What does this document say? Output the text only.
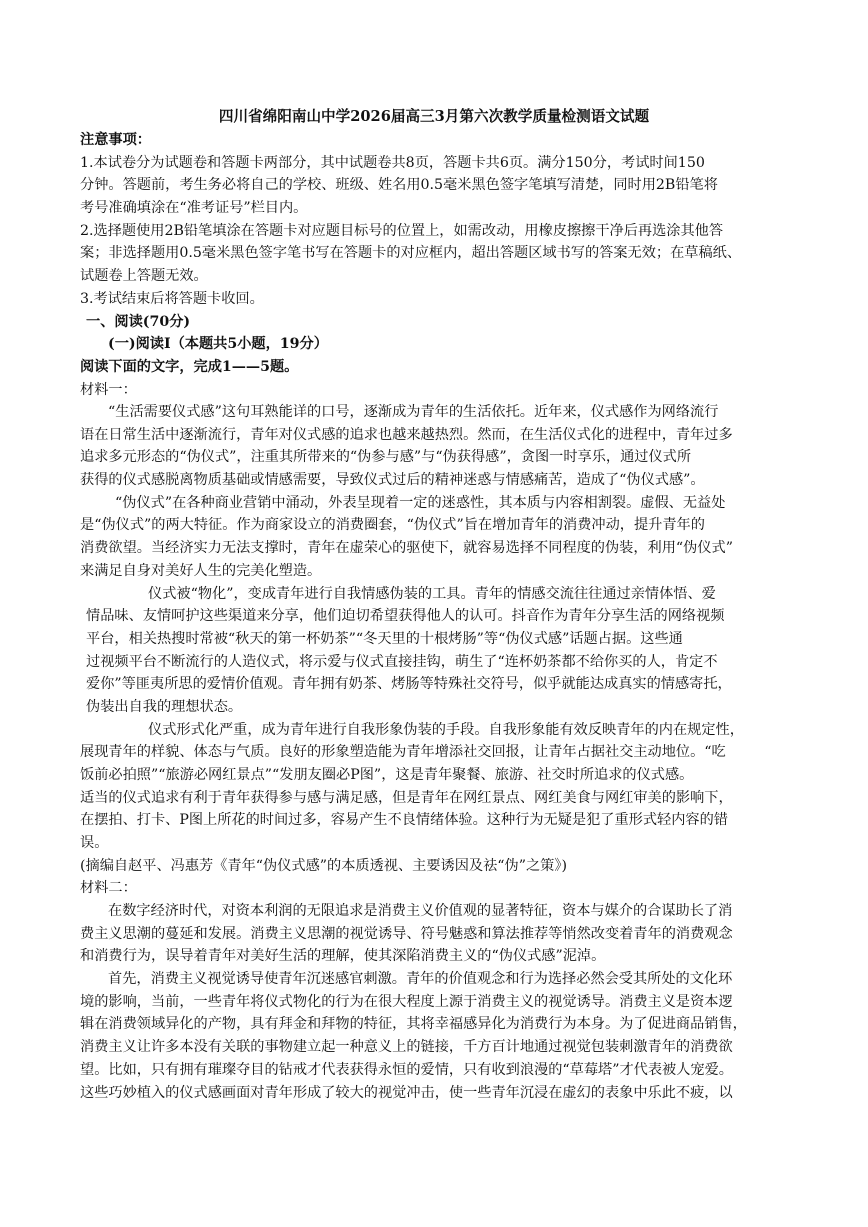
四川省绵阳南山中学2026届高三3月第六次教学质量检测语文试题
注意事项：
1.本试卷分为试题卷和答题卡两部分，其中试题卷共8页，答题卡共6页。满分150分，考试时间150
分钟。答题前，考生务必将自己的学校、班级、姓名用0.5毫米黑色签字笔填写清楚，同时用2B铅笔将
考号准确填涂在“准考证号”栏目内。
2.选择题使用2B铅笔填涂在答题卡对应题目标号的位置上，如需改动，用橡皮擦擦干净后再选涂其他答
案；非选择题用0.5毫米黑色签字笔书写在答题卡的对应框内，超出答题区域书写的答案无效；在草稿纸、
试题卷上答题无效。
3.考试结束后将答题卡收回。
一、阅读(70分)
(一)阅读Ⅰ（本题共5小题，19分）
阅读下面的文字，完成1——5题。
材料一：
“生活需要仪式感”这句耳熟能详的口号，逐渐成为青年的生活依托。近年来，仪式感作为网络流行
语在日常生活中逐渐流行，青年对仪式感的追求也越来越热烈。然而，在生活仪式化的进程中，青年过多
追求多元形态的“伪仪式”，注重其所带来的“伪参与感”与“伪获得感”，贪图一时享乐，通过仪式所
获得的仪式感脱离物质基础或情感需要，导致仪式过后的精神迷惑与情感痛苦，造成了“伪仪式感”。
“伪仪式”在各种商业营销中涌动，外表呈现着一定的迷惑性，其本质与内容相割裂。虚假、无益处
是“伪仪式”的两大特征。作为商家设立的消费圈套，“伪仪式”旨在增加青年的消费冲动，提升青年的
消费欲望。当经济实力无法支撑时，青年在虚荣心的驱使下，就容易选择不同程度的伪装，利用“伪仪式”
来满足自身对美好人生的完美化塑造。
仪式被“物化”，变成青年进行自我情感伪装的工具。青年的情感交流往往通过亲情体悟、爱
情品味、友情呵护这些渠道来分享，他们迫切希望获得他人的认可。抖音作为青年分享生活的网络视频
平台，相关热搜时常被“秋天的第一杯奶茶”“冬天里的十根烤肠”等“伪仪式感”话题占据。这些通
过视频平台不断流行的人造仪式，将示爱与仪式直接挂钩，萌生了“连杯奶茶都不给你买的人，肯定不
爱你”等匪夷所思的爱情价值观。青年拥有奶茶、烤肠等特殊社交符号，似乎就能达成真实的情感寄托，
伪装出自我的理想状态。
仪式形式化严重，成为青年进行自我形象伪装的手段。自我形象能有效反映青年的内在规定性，
展现青年的样貌、体态与气质。良好的形象塑造能为青年增添社交回报，让青年占据社交主动地位。“吃
饭前必拍照”“旅游必网红景点”“发朋友圈必P图”，这是青年聚餐、旅游、社交时所追求的仪式感。
适当的仪式追求有利于青年获得参与感与满足感，但是青年在网红景点、网红美食与网红审美的影响下，
在摆拍、打卡、P图上所花的时间过多，容易产生不良情绪体验。这种行为无疑是犯了重形式轻内容的错
误。
(摘编自赵平、冯惠芳《青年“伪仪式感”的本质透视、主要诱因及祛“伪”之策》)
材料二：
在数字经济时代，对资本利润的无限追求是消费主义价值观的显著特征，资本与媒介的合谋助长了消
费主义思潮的蔓延和发展。消费主义思潮的视觉诱导、符号魅惑和算法推荐等悄然改变着青年的消费观念
和消费行为，误导着青年对美好生活的理解，使其深陷消费主义的“伪仪式感”泥淖。
首先，消费主义视觉诱导使青年沉迷感官刺激。青年的价值观念和行为选择必然会受其所处的文化环
境的影响，当前，一些青年将仪式物化的行为在很大程度上源于消费主义的视觉诱导。消费主义是资本逻
辑在消费领域异化的产物，具有拜金和拜物的特征，其将幸福感异化为消费行为本身。为了促进商品销售，
消费主义让许多本没有关联的事物建立起一种意义上的链接，千方百计地通过视觉包装刺激青年的消费欲
望。比如，只有拥有璀璨夺目的钻戒才代表获得永恒的爱情，只有收到浪漫的“草莓塔”才代表被人宠爱。
这些巧妙植入的仪式感画面对青年形成了较大的视觉冲击，使一些青年沉浸在虚幻的表象中乐此不疲，以
